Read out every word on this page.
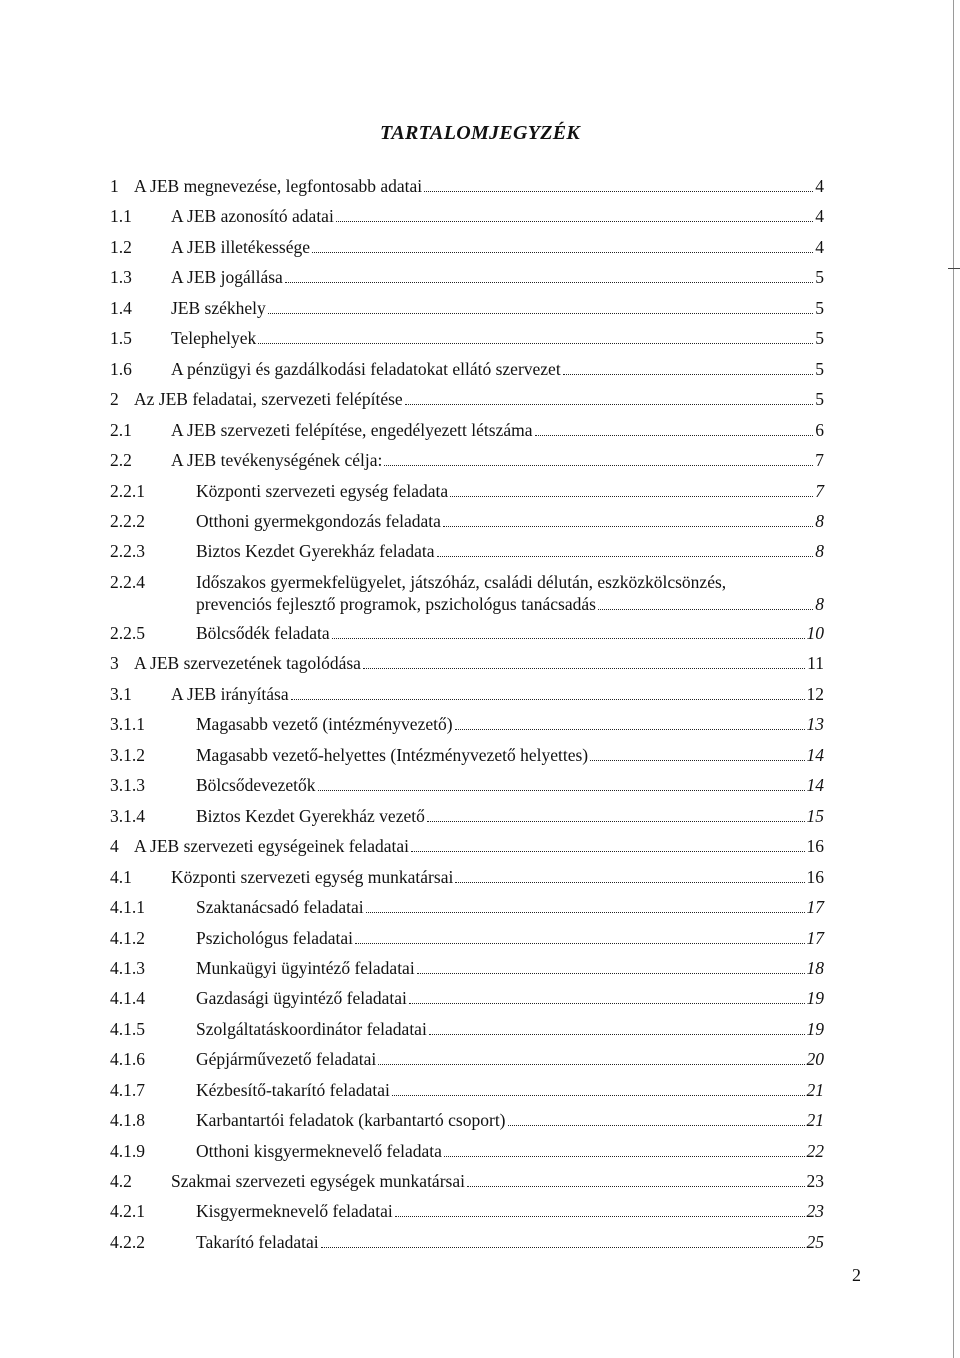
TARTALOMJEGYZÉK
1 A JEB megnevezése, legfontosabb adatai	4
1.1 A JEB azonosító adatai	4
1.2 A JEB illetékessége	4
1.3 A JEB jogállása	5
1.4 JEB székhely	5
1.5 Telephelyek	5
1.6 A pénzügyi és gazdálkodási feladatokat ellátó szervezet	5
2 Az JEB feladatai, szervezeti felépítése	5
2.1 A JEB szervezeti felépítése, engedélyezett létszáma	6
2.2 A JEB tevékenységének célja:	7
2.2.1	Központi szervezeti egység feladata	7
2.2.2	Otthoni gyermekgondozás feladata	8
2.2.3	Biztos Kezdet Gyerekház feladata	8
2.2.4	Időszakos gyermekfelügyelet, játszóház, családi délután, eszközkölcsönzés,
prevenciós fejlesztő programok, pszichológus tanácsadás	8
2.2.5	Bölcsődék feladata	10
3 A JEB szervezetének tagolódása	11
3.1 A JEB irányítása	12
3.1.1	Magasabb vezető (intézményvezető)	13
3.1.2	Magasabb vezető-helyettes (Intézményvezető helyettes)	14
3.1.3	Bölcsődevezetők	14
3.1.4	Biztos Kezdet Gyerekház vezető	15
4 A JEB szervezeti egységeinek feladatai	16
4.1 Központi szervezeti egység munkatársai	16
4.1.1	Szaktanácsadó feladatai	17
4.1.2	Pszichológus feladatai	17
4.1.3	Munkaügyi ügyintéző feladatai	18
4.1.4	Gazdasági ügyintéző feladatai	19
4.1.5	Szolgáltatáskoordinátor feladatai	19
4.1.6	Gépjárművezető feladatai	20
4.1.7	Kézbesítő-takarító feladatai	21
4.1.8	Karbantartói feladatok (karbantartó csoport)	21
4.1.9	Otthoni kisgyermeknevelő feladata	22
4.2 Szakmai szervezeti egységek munkatársai	23
4.2.1	Kisgyermeknevelő feladatai	23
4.2.2	Takarító feladatai	25
2
